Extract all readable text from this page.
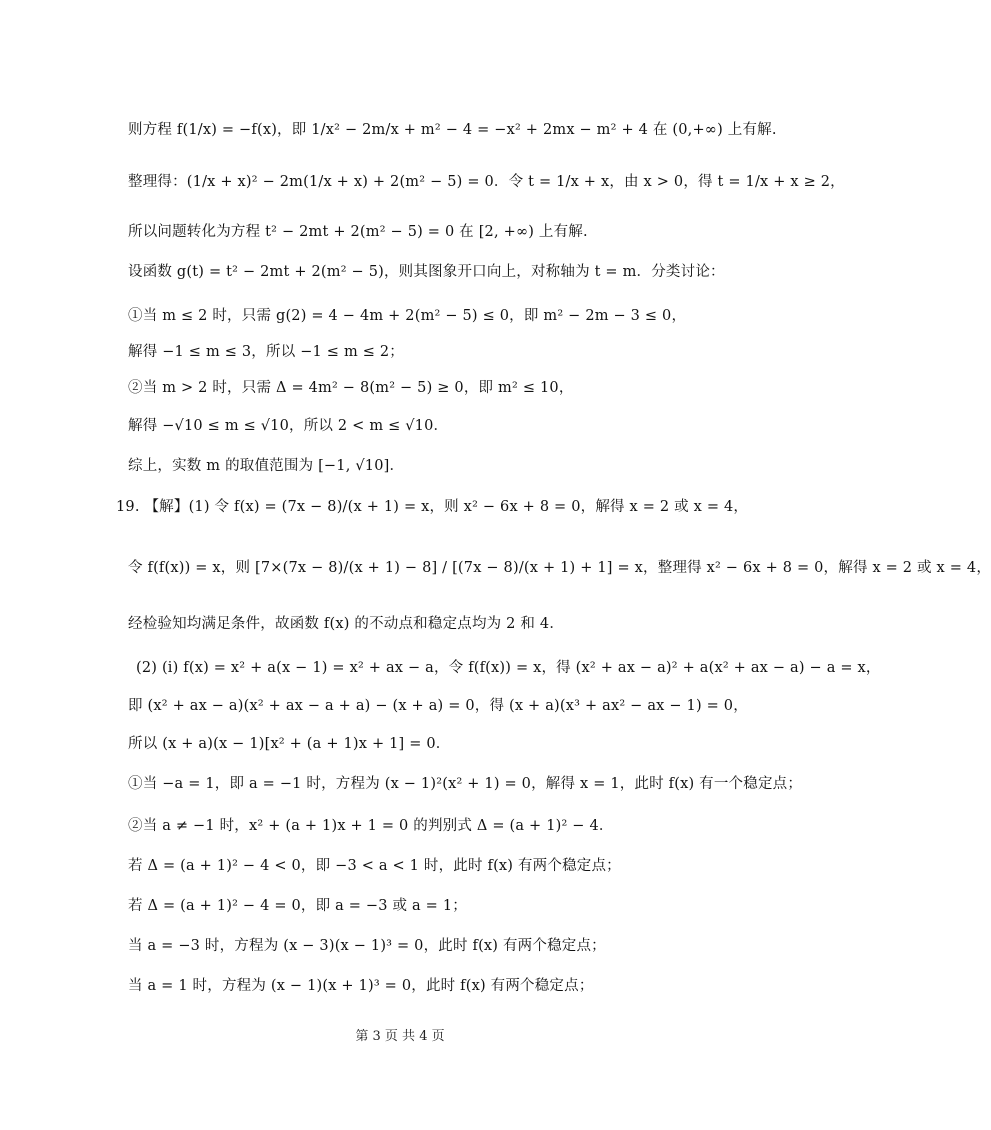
则方程 f(1/x) = −f(x)，即 1/x² − 2m/x + m² − 4 = −x² + 2mx − m² + 4 在 (0,+∞) 上有解.
整理得：(1/x + x)² − 2m(1/x + x) + 2(m² − 5) = 0．令 t = 1/x + x，由 x > 0，得 t = 1/x + x ≥ 2，
所以问题转化为方程 t² − 2mt + 2(m² − 5) = 0 在 [2, +∞) 上有解.
设函数 g(t) = t² − 2mt + 2(m² − 5)，则其图象开口向上，对称轴为 t = m．分类讨论：
①当 m ≤ 2 时，只需 g(2) = 4 − 4m + 2(m² − 5) ≤ 0，即 m² − 2m − 3 ≤ 0，
解得 −1 ≤ m ≤ 3，所以 −1 ≤ m ≤ 2；
②当 m > 2 时，只需 Δ = 4m² − 8(m² − 5) ≥ 0，即 m² ≤ 10，
解得 −√10 ≤ m ≤ √10，所以 2 < m ≤ √10．
综上，实数 m 的取值范围为 [−1, √10]．
19. 【解】(1) 令 f(x) = (7x − 8)/(x + 1) = x，则 x² − 6x + 8 = 0，解得 x = 2 或 x = 4，
令 f(f(x)) = x，则 [7×(7x − 8)/(x + 1) − 8] / [(7x − 8)/(x + 1) + 1] = x，整理得 x² − 6x + 8 = 0，解得 x = 2 或 x = 4，
经检验知均满足条件，故函数 f(x) 的不动点和稳定点均为 2 和 4．
(2) (i) f(x) = x² + a(x − 1) = x² + ax − a，令 f(f(x)) = x，得 (x² + ax − a)² + a(x² + ax − a) − a = x，
即 (x² + ax − a)(x² + ax − a + a) − (x + a) = 0，得 (x + a)(x³ + ax² − ax − 1) = 0，
所以 (x + a)(x − 1)[x² + (a + 1)x + 1] = 0．
①当 −a = 1，即 a = −1 时，方程为 (x − 1)²(x² + 1) = 0，解得 x = 1，此时 f(x) 有一个稳定点；
②当 a ≠ −1 时，x² + (a + 1)x + 1 = 0 的判别式 Δ = (a + 1)² − 4．
若 Δ = (a + 1)² − 4 < 0，即 −3 < a < 1 时，此时 f(x) 有两个稳定点；
若 Δ = (a + 1)² − 4 = 0，即 a = −3 或 a = 1；
当 a = −3 时，方程为 (x − 3)(x − 1)³ = 0，此时 f(x) 有两个稳定点；
当 a = 1 时，方程为 (x − 1)(x + 1)³ = 0，此时 f(x) 有两个稳定点；
第 3 页 共 4 页
